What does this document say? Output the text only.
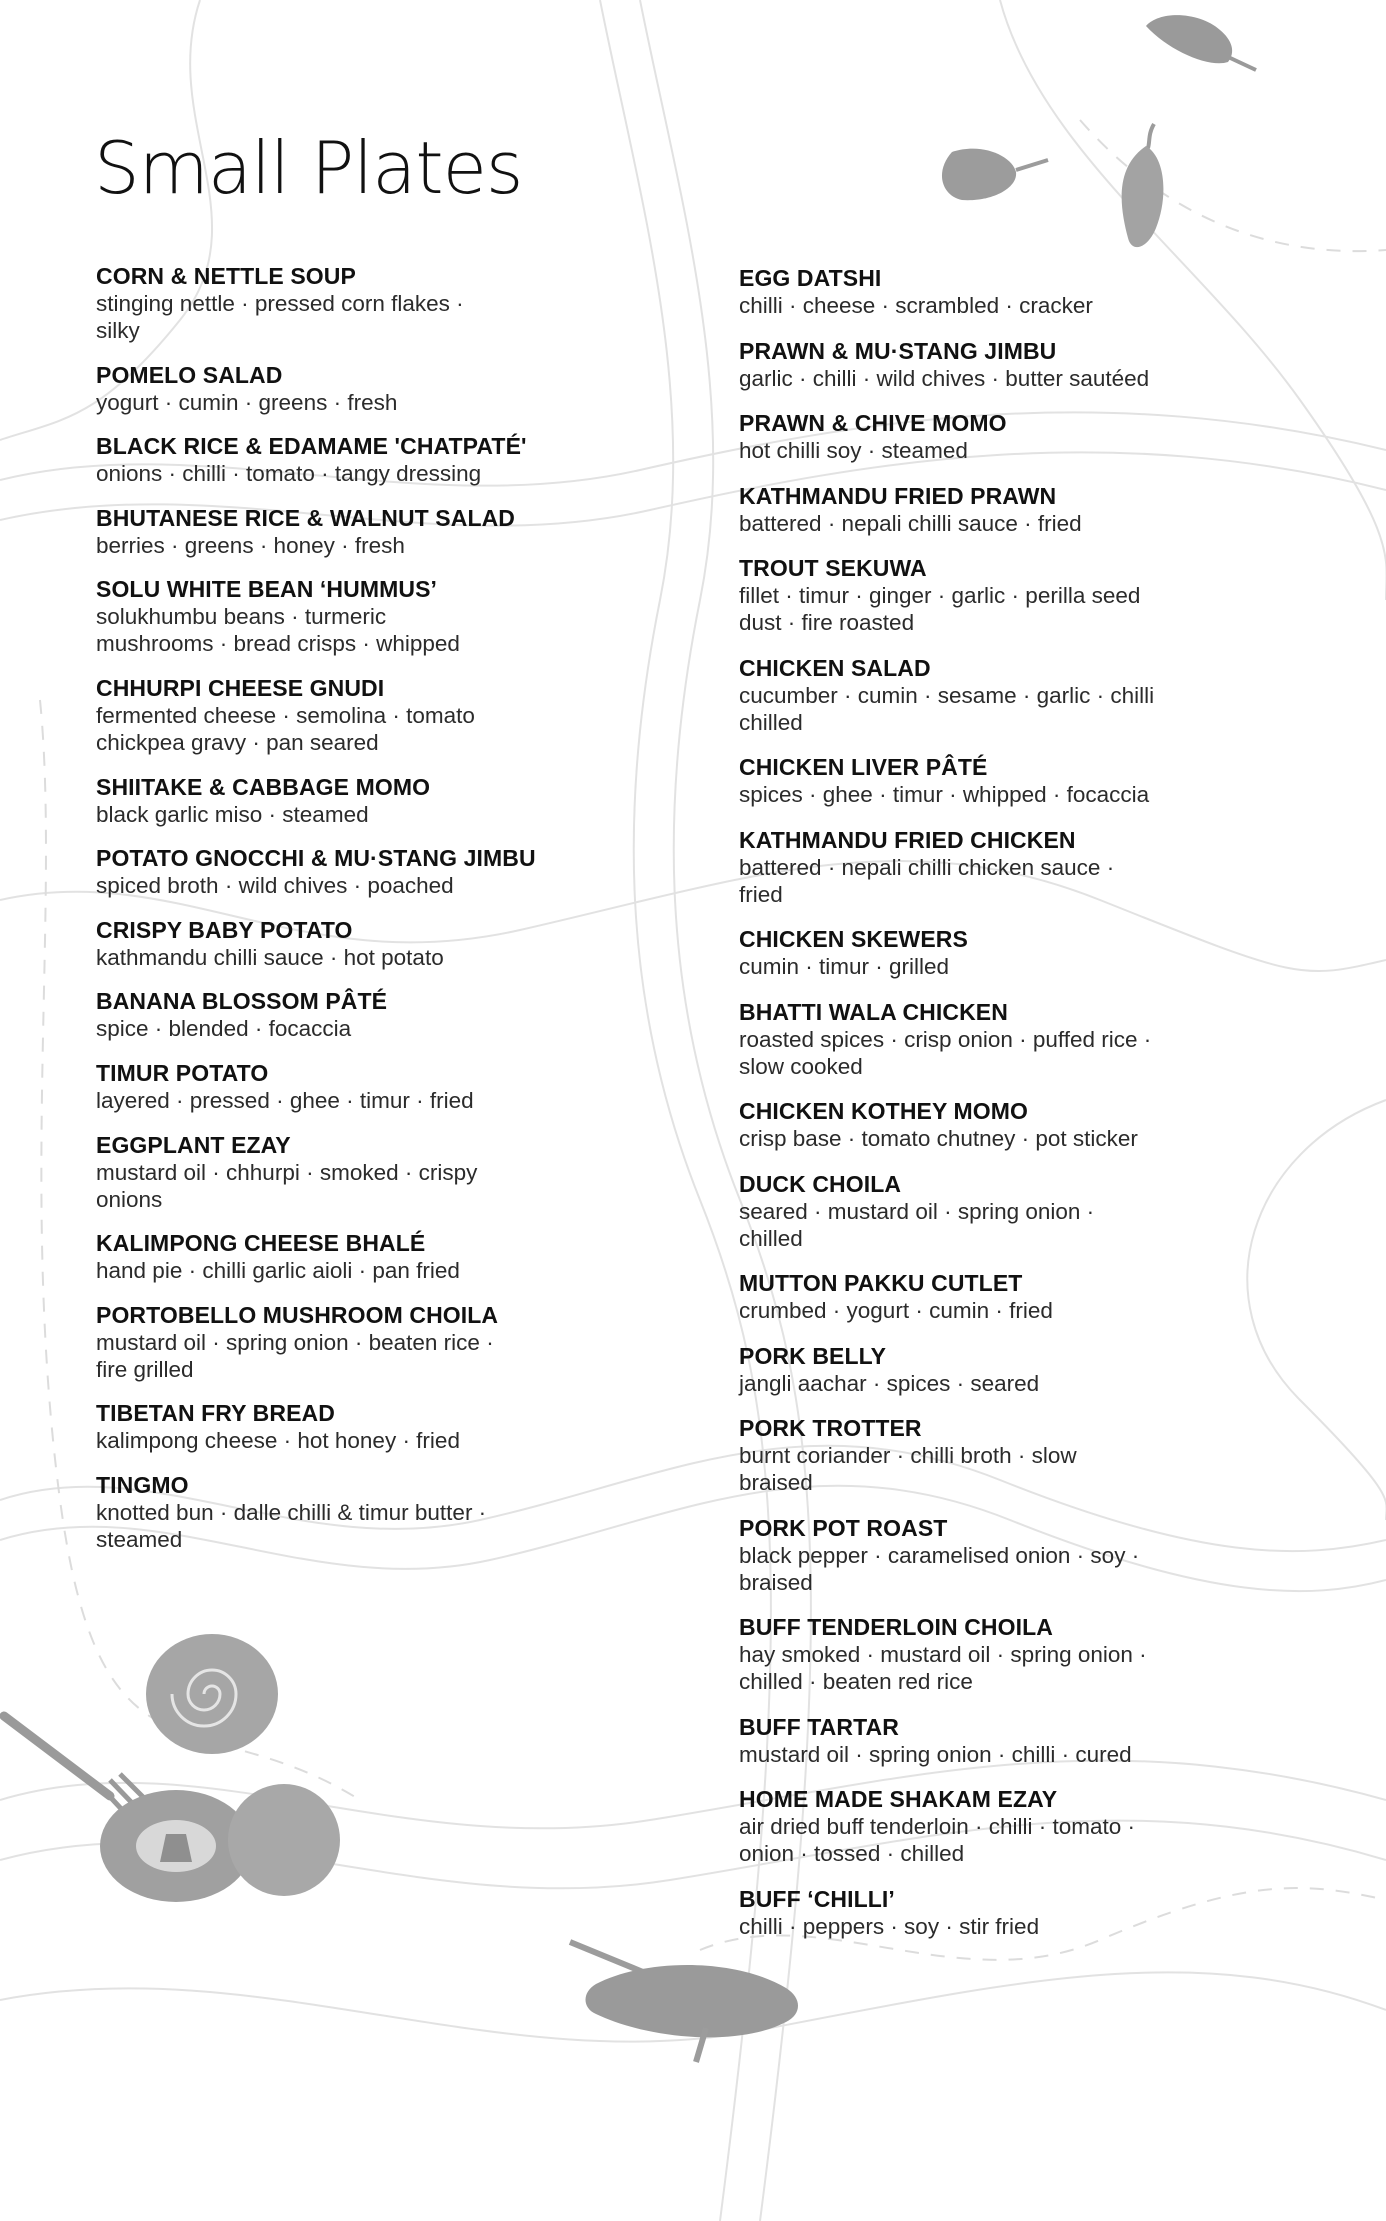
Small Plates
CORN & NETTLE SOUP
stinging nettle · pressed corn flakes ·
silky
POMELO SALAD
yogurt · cumin · greens · fresh
BLACK RICE & EDAMAME 'CHATPATÉ'
onions · chilli · tomato · tangy dressing
BHUTANESE RICE & WALNUT SALAD
berries · greens · honey · fresh
SOLU WHITE BEAN ‘HUMMUS’
solukhumbu beans · turmeric
mushrooms · bread crisps · whipped
CHHURPI CHEESE GNUDI
fermented cheese · semolina · tomato
chickpea gravy · pan seared
SHIITAKE & CABBAGE MOMO
black garlic miso · steamed
POTATO GNOCCHI & MU·STANG JIMBU
spiced broth · wild chives · poached
CRISPY BABY POTATO
kathmandu chilli sauce · hot potato
BANANA BLOSSOM PÂTÉ
spice · blended · focaccia
TIMUR POTATO
layered · pressed · ghee · timur · fried
EGGPLANT EZAY
mustard oil · chhurpi · smoked · crispy
onions
KALIMPONG CHEESE BHALÉ
hand pie · chilli garlic aioli · pan fried
PORTOBELLO MUSHROOM CHOILA
mustard oil · spring onion · beaten rice ·
fire grilled
TIBETAN FRY BREAD
kalimpong cheese · hot honey · fried
TINGMO
knotted bun · dalle chilli & timur butter ·
steamed
EGG DATSHI
chilli · cheese · scrambled · cracker
PRAWN & MU·STANG JIMBU
garlic · chilli · wild chives · butter sautéed
PRAWN & CHIVE MOMO
hot chilli soy · steamed
KATHMANDU FRIED PRAWN
battered · nepali chilli sauce · fried
TROUT SEKUWA
fillet · timur · ginger · garlic · perilla seed
dust · fire roasted
CHICKEN SALAD
cucumber · cumin · sesame · garlic · chilli
chilled
CHICKEN LIVER PÂTÉ
spices · ghee · timur · whipped · focaccia
KATHMANDU FRIED CHICKEN
battered · nepali chilli chicken sauce ·
fried
CHICKEN SKEWERS
cumin · timur · grilled
BHATTI WALA CHICKEN
roasted spices · crisp onion · puffed rice ·
slow cooked
CHICKEN KOTHEY MOMO
crisp base · tomato chutney · pot sticker
DUCK CHOILA
seared · mustard oil · spring onion ·
chilled
MUTTON PAKKU CUTLET
crumbed · yogurt · cumin · fried
PORK BELLY
jangli aachar · spices · seared
PORK TROTTER
burnt coriander · chilli broth · slow
braised
PORK POT ROAST
black pepper · caramelised onion · soy ·
braised
BUFF TENDERLOIN CHOILA
hay smoked · mustard oil · spring onion ·
chilled · beaten red rice
BUFF TARTAR
mustard oil · spring onion · chilli · cured
HOME MADE SHAKAM EZAY
air dried buff tenderloin · chilli · tomato ·
onion · tossed · chilled
BUFF ‘CHILLI’
chilli · peppers · soy · stir fried
